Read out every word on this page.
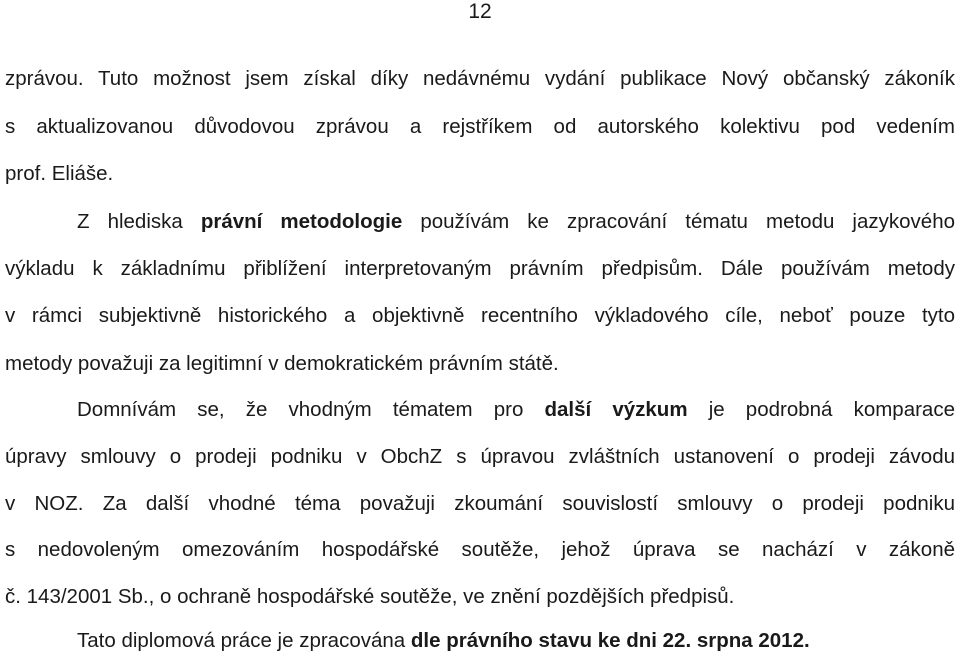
12
zprávou. Tuto možnost jsem získal díky nedávnému vydání publikace Nový občanský zákoník
s aktualizovanou důvodovou zprávou a rejstříkem od autorského kolektivu pod vedením
prof. Eliáše.
Z hlediska právní metodologie používám ke zpracování tématu metodu jazykového
výkladu k základnímu přiblížení interpretovaným právním předpisům. Dále používám metody
v rámci subjektivně historického a objektivně recentního výkladového cíle, neboť pouze tyto
metody považuji za legitimní v demokratickém právním státě.
Domnívám se, že vhodným tématem pro další výzkum je podrobná komparace
úpravy smlouvy o prodeji podniku v ObchZ s úpravou zvláštních ustanovení o prodeji závodu
v NOZ. Za další vhodné téma považuji zkoumání souvislostí smlouvy o prodeji podniku
s nedovoleným omezováním hospodářské soutěže, jehož úprava se nachází v zákoně
č. 143/2001 Sb., o ochraně hospodářské soutěže, ve znění pozdějších předpisů.
Tato diplomová práce je zpracována dle právního stavu ke dni 22. srpna 2012.
